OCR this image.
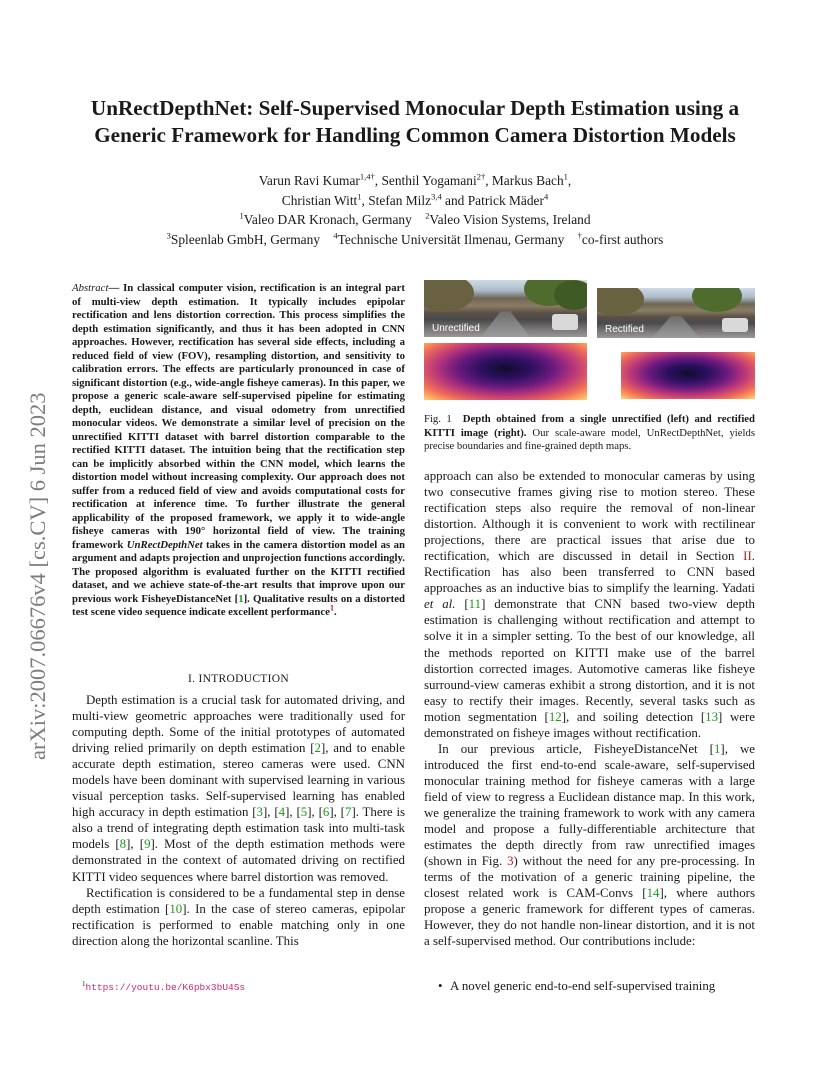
arXiv:2007.06676v4 [cs.CV] 6 Jun 2023
UnRectDepthNet: Self-Supervised Monocular Depth Estimation using a
Generic Framework for Handling Common Camera Distortion Models
Varun Ravi Kumar$^{1,4\dagger}$, Senthil Yogamani$^{2\dagger}$, Markus Bach$^1$,
Christian Witt$^1$, Stefan Milz$^{3,4}$ and Patrick Mäder$^4$
$^1$Valeo DAR Kronach, Germany $^2$Valeo Vision Systems, Ireland
$^3$Spleenlab GmbH, Germany $^4$Technische Universität Ilmenau, Germany †co-first authors
Abstract— In classical computer vision, rectification is an integral part of multi-view depth estimation. It typically includes epipolar rectification and lens distortion correction. This process simplifies the depth estimation significantly, and thus it has been adopted in CNN approaches. However, rectification has several side effects, including a reduced field of view (FOV), resampling distortion, and sensitivity to calibration errors. The effects are particularly pronounced in case of significant distortion (e.g., wide-angle fisheye cameras). In this paper, we propose a generic scale-aware self-supervised pipeline for estimating depth, euclidean distance, and visual odometry from unrectified monocular videos. We demonstrate a similar level of precision on the unrectified KITTI dataset with barrel distortion comparable to the rectified KITTI dataset. The intuition being that the rectification step can be implicitly absorbed within the CNN model, which learns the distortion model without increasing complexity. Our approach does not suffer from a reduced field of view and avoids computational costs for rectification at inference time. To further illustrate the general applicability of the proposed framework, we apply it to wide-angle fisheye cameras with 190° horizontal field of view. The training framework UnRectDepthNet takes in the camera distortion model as an argument and adapts projection and unprojection functions accordingly. The proposed algorithm is evaluated further on the KITTI rectified dataset, and we achieve state-of-the-art results that improve upon our previous work FisheyeDistanceNet [1]. Qualitative results on a distorted test scene video sequence indicate excellent performance$^1$.
I. INTRODUCTION

Depth estimation is a crucial task for automated driving, and multi-view geometric approaches were traditionally used for computing depth. Some of the initial prototypes of automated driving relied primarily on depth estimation [2], and to enable accurate depth estimation, stereo cameras were used. CNN models have been dominant with supervised learning in various visual perception tasks. Self-supervised learning has enabled high accuracy in depth estimation [3], [4], [5], [6], [7]. There is also a trend of integrating depth estimation task into multi-task models [8], [9]. Most of the depth estimation methods were demonstrated in the context of automated driving on rectified KITTI video sequences where barrel distortion was removed.

Rectification is considered to be a fundamental step in dense depth estimation [10]. In the case of stereo cameras, epipolar rectification is performed to enable matching only in one direction along the horizontal scanline. This

$^1$https://youtu.be/K6pbx3bU4Ss
Unrectified	Rectified
Fig. 1 Depth obtained from a single unrectified (left) and rectified KITTI image (right). Our scale-aware model, UnRectDepthNet, yields precise boundaries and fine-grained depth maps.

approach can also be extended to monocular cameras by using two consecutive frames giving rise to motion stereo. These rectification steps also require the removal of non-linear distortion. Although it is convenient to work with rectilinear projections, there are practical issues that arise due to rectification, which are discussed in detail in Section II. Rectification has also been transferred to CNN based approaches as an inductive bias to simplify the learning. Yadati et al. [11] demonstrate that CNN based two-view depth estimation is challenging without rectification and attempt to solve it in a simpler setting. To the best of our knowledge, all the methods reported on KITTI make use of the barrel distortion corrected images. Automotive cameras like fisheye surround-view cameras exhibit a strong distortion, and it is not easy to rectify their images. Recently, several tasks such as motion segmentation [12], and soiling detection [13] were demonstrated on fisheye images without rectification.

In our previous article, FisheyeDistanceNet [1], we introduced the first end-to-end scale-aware, self-supervised monocular training method for fisheye cameras with a large field of view to regress a Euclidean distance map. In this work, we generalize the training framework to work with any camera model and propose a fully-differentiable architecture that estimates the depth directly from raw unrectified images (shown in Fig. 3) without the need for any pre-processing. In terms of the motivation of a generic training pipeline, the closest related work is CAM-Convs [14], where authors propose a generic framework for different types of cameras. However, they do not handle non-linear distortion, and it is not a self-supervised method. Our contributions include:

• A novel generic end-to-end self-supervised training
